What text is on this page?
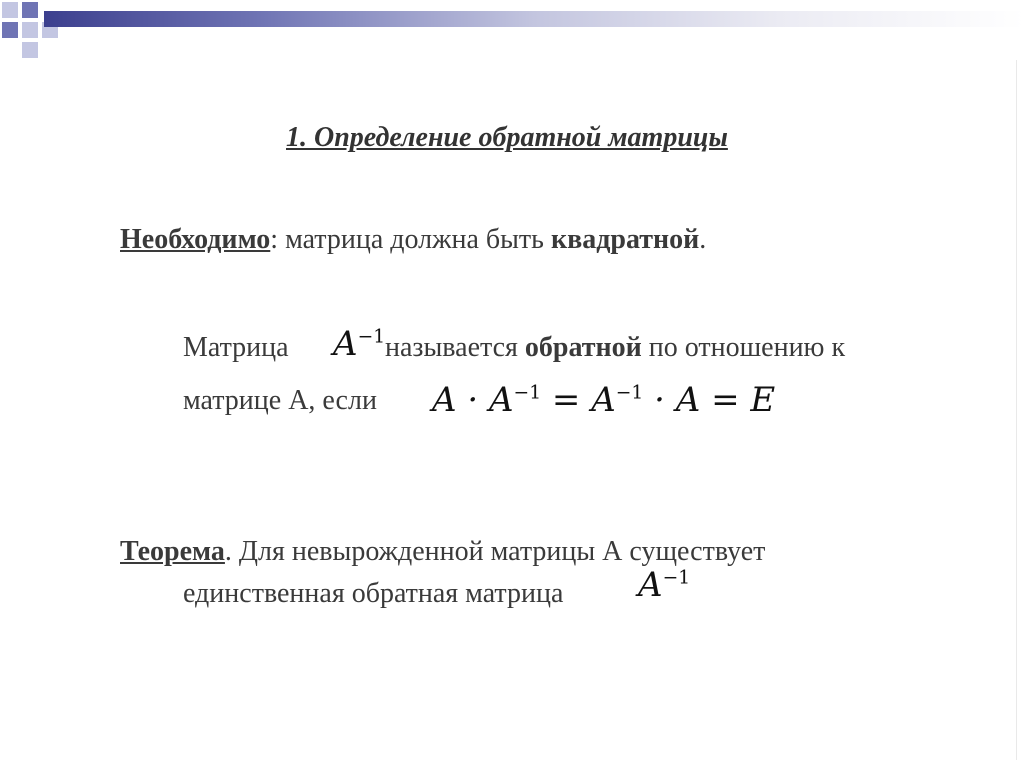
1. Определение обратной матрицы
Необходимо: матрица должна быть квадратной.
Матрица $A^{-1}$ называется обратной по отношению к
матрице А, если $A \cdot A^{-1} = A^{-1} \cdot A = E$
Теорема. Для невырожденной матрицы А существует
единственная обратная матрица $A^{-1}$
